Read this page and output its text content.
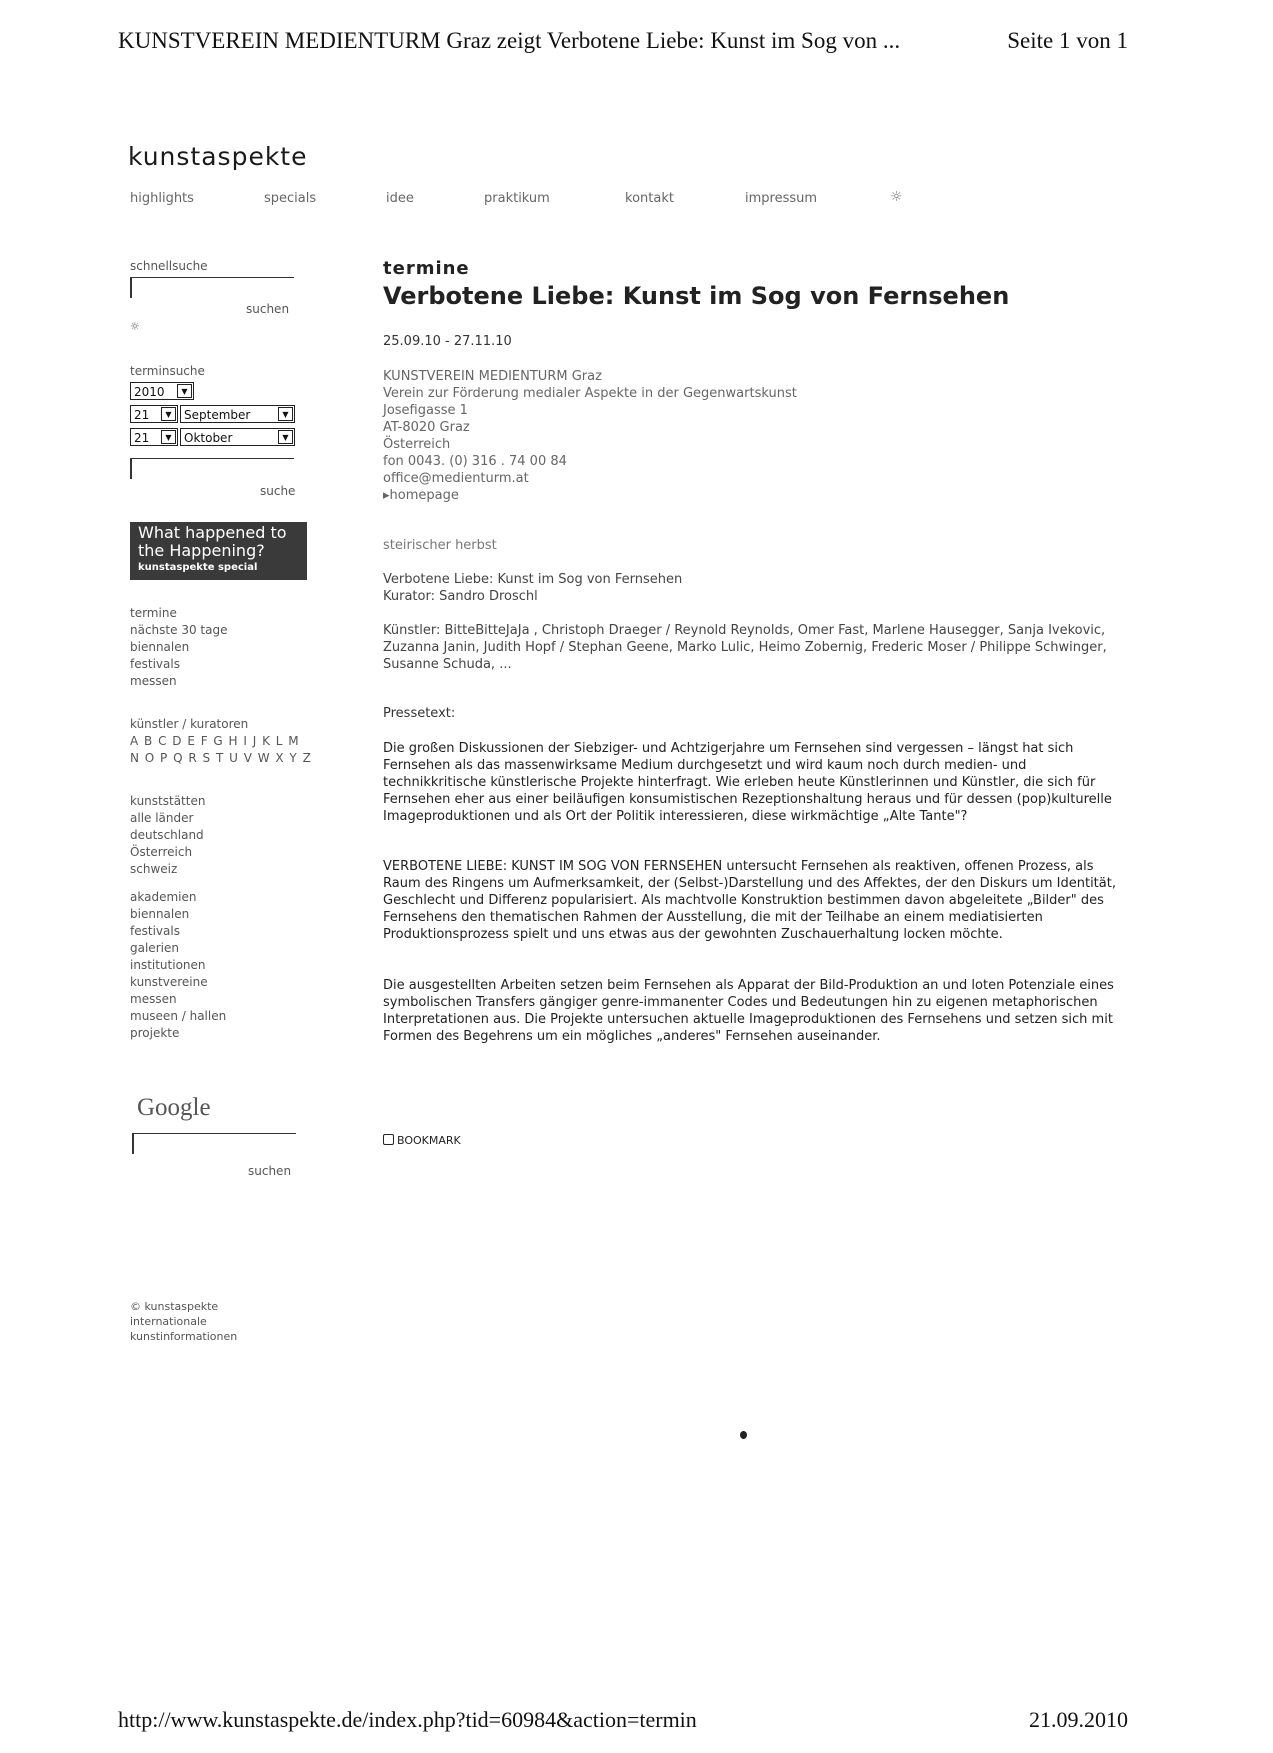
KUNSTVEREIN MEDIENTURM Graz zeigt Verbotene Liebe: Kunst im Sog von ...	Seite 1 von 1
kunstaspekte
highlights	specials	idee	praktikum	kontakt	impressum	☼
schnellsuche
suchen
☼
terminsuche
2010	▼
21	▼	September	▼
21	▼	Oktober	▼
suche
What happened to
the Happening?
kunstaspekte special
termine
nächste 30 tage
biennalen
festivals
messen
künstler / kuratoren
A B C D E F G H I J K L M
N O P Q R S T U V W X Y Z
kunststätten
alle länder
deutschland
Österreich
schweiz
akademien
biennalen
festivals
galerien
institutionen
kunstvereine
messen
museen / hallen
projekte
Google
suchen
© kunstaspekte
internationale
kunstinformationen
termine
Verbotene Liebe: Kunst im Sog von Fernsehen
25.09.10 - 27.11.10
KUNSTVEREIN MEDIENTURM Graz
Verein zur Förderung medialer Aspekte in der Gegenwartskunst
Josefigasse 1
AT-8020 Graz
Österreich
fon 0043. (0) 316 . 74 00 84
office@medienturm.at
▸homepage
steirischer herbst
Verbotene Liebe: Kunst im Sog von Fernsehen
Kurator: Sandro Droschl
Künstler: BitteBitteJaJa , Christoph Draeger / Reynold Reynolds, Omer Fast, Marlene Hausegger, Sanja Ivekovic, Zuzanna Janin, Judith Hopf / Stephan Geene, Marko Lulic, Heimo Zobernig, Frederic Moser / Philippe Schwinger, Susanne Schuda, ...
Pressetext:
Die großen Diskussionen der Siebziger- und Achtzigerjahre um Fernsehen sind vergessen – längst hat sich Fernsehen als das massenwirksame Medium durchgesetzt und wird kaum noch durch medien- und technikkritische künstlerische Projekte hinterfragt. Wie erleben heute Künstlerinnen und Künstler, die sich für Fernsehen eher aus einer beiläufigen konsumistischen Rezeptionshaltung heraus und für dessen (pop)kulturelle Imageproduktionen und als Ort der Politik interessieren, diese wirkmächtige „Alte Tante"?
VERBOTENE LIEBE: KUNST IM SOG VON FERNSEHEN untersucht Fernsehen als reaktiven, offenen Prozess, als Raum des Ringens um Aufmerksamkeit, der (Selbst-)Darstellung und des Affektes, der den Diskurs um Identität, Geschlecht und Differenz popularisiert. Als machtvolle Konstruktion bestimmen davon abgeleitete „Bilder" des Fernsehens den thematischen Rahmen der Ausstellung, die mit der Teilhabe an einem mediatisierten Produktionsprozess spielt und uns etwas aus der gewohnten Zuschauerhaltung locken möchte.
Die ausgestellten Arbeiten setzen beim Fernsehen als Apparat der Bild-Produktion an und loten Potenziale eines symbolischen Transfers gängiger genre-immanenter Codes und Bedeutungen hin zu eigenen metaphorischen Interpretationen aus. Die Projekte untersuchen aktuelle Imageproduktionen des Fernsehens und setzen sich mit Formen des Begehrens um ein mögliches „anderes" Fernsehen auseinander.
BOOKMARK
http://www.kunstaspekte.de/index.php?tid=60984&action=termin	21.09.2010
